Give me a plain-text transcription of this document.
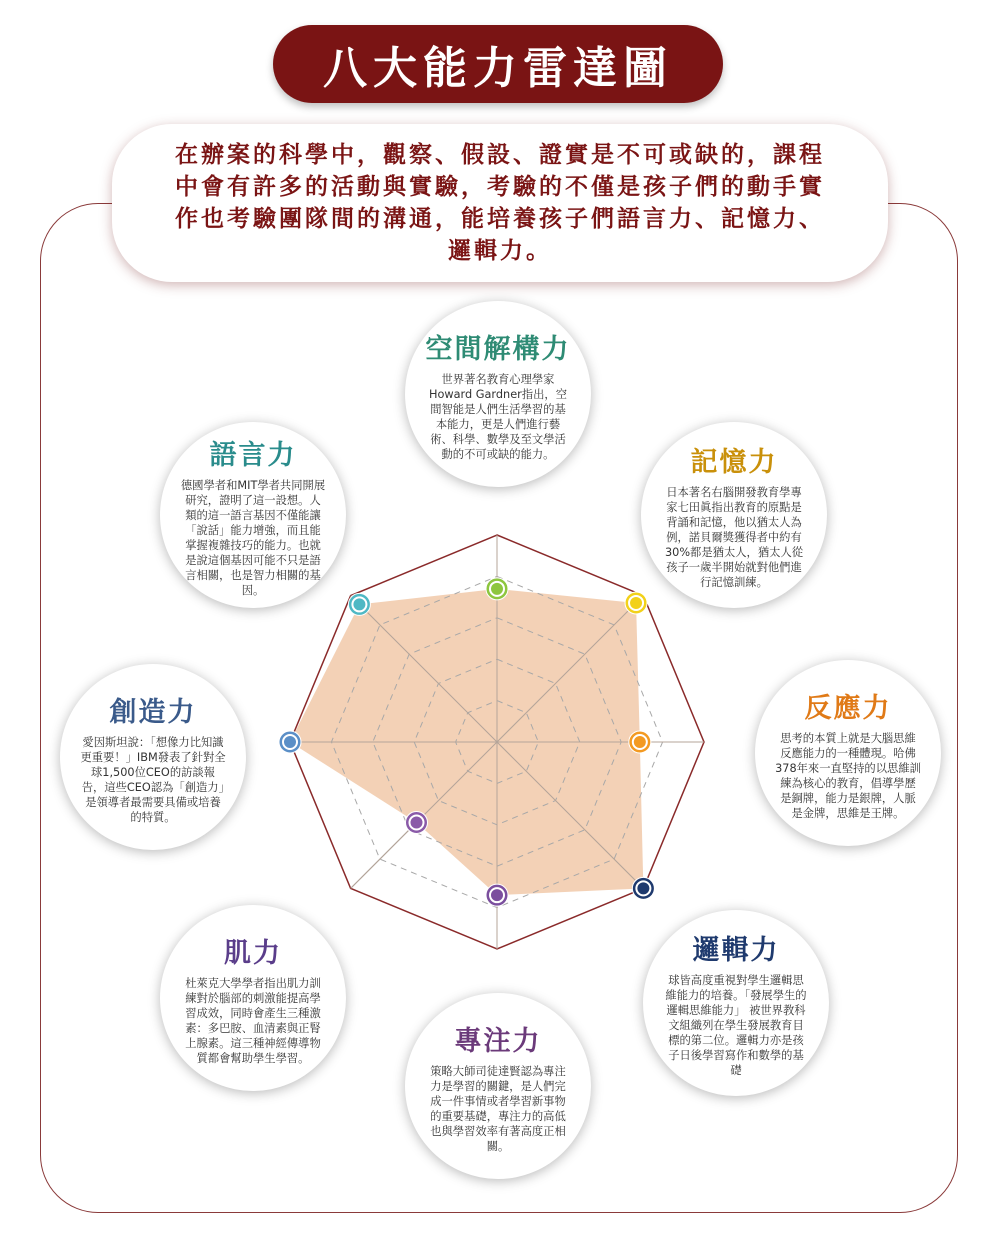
八大能力雷達圖

在辦案的科學中，觀察、假設、證實是不可或缺的，課程中會有許多的活動與實驗，考驗的不僅是孩子們的動手實作也考驗團隊間的溝通，能培養孩子們語言力、記憶力、邏輯力。

空間解構力

世界著名教育心理學家Howard Gardner指出，空間智能是人們生活學習的基本能力，更是人們進行藝術、科學、數學及至文學活動的不可或缺的能力。	記憶力

日本著名右腦開發教育學專家七田眞指出教育的原點是背誦和記憶，他以猶太人為例，諾貝爾獎獲得者中約有30%都是猶太人，猶太人從孩子一歲半開始就對他們進行記憶訓練。

反應力

思考的本質上就是大腦思維反應能力的一種體現。哈佛378年來一直堅持的以思維訓練為核心的教育，倡導學歷是銅牌，能力是銀牌，人脈是金牌，思維是王牌。

邏輯力

球皆高度重視對學生邏輯思維能力的培養。「發展學生的邏輯思維能力」 被世界教科文組織列在學生發展教育目標的第二位。邏輯力亦是孩子日後學習寫作和數學的基礎

專注力

策略大師司徒達賢認為專注力是學習的關鍵，是人們完成一件事情或者學習新事物的重要基礎，專注力的高低也與學習效率有著高度正相關。

肌力

杜萊克大學學者指出肌力訓練對於腦部的刺激能提高學習成效，同時會產生三種激素：多巴胺、血清素與正腎上腺素。這三種神經傳導物質都會幫助學生學習。

創造力

愛因斯坦說：「想像力比知識更重要！」IBM發表了針對全球1,500位CEO的訪談報告，這些CEO認為「創造力」是領導者最需要具備或培養的特質。

語言力

德國學者和MIT學者共同開展研究，證明了這一設想。人類的這一語言基因不僅能讓「說話」能力增強，而且能掌握複雜技巧的能力。也就是說這個基因可能不只是語言相關，也是智力相關的基因。
